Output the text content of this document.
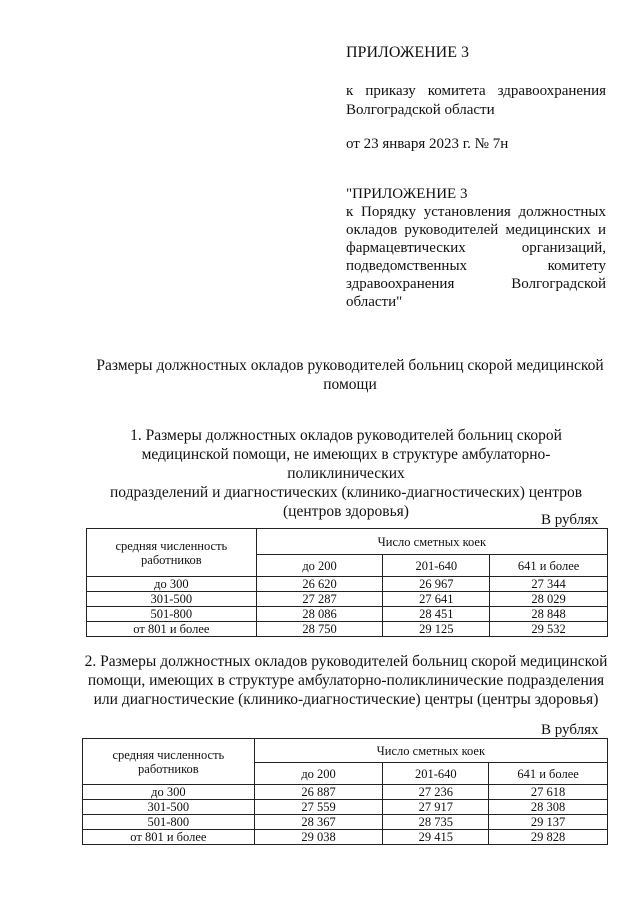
ПРИЛОЖЕНИЕ 3
к приказу комитета здравоохранения
Волгоградской области
от 23 января 2023 г. № 7н
"ПРИЛОЖЕНИЕ 3
к Порядку установления должностных
окладов руководителей медицинских и
фармацевтических организаций,
подведомственных комитету
здравоохранения Волгоградской
области"
Размеры должностных окладов руководителей больниц скорой медицинской
помощи
1. Размеры должностных окладов руководителей больниц скорой
медицинской помощи, не имеющих в структуре амбулаторно-поликлинических
подразделений и диагностических (клинико-диагностических) центров
(центров здоровья)	В рублях
средняя численность работников	Число сметных коек		
	до 200	201-640	641 и более
до 300	26 620	26 967	27 344
301-500	27 287	27 641	28 029
501-800	28 086	28 451	28 848
от 801 и более	28 750	29 125	29 532
2. Размеры должностных окладов руководителей больниц скорой медицинской
помощи, имеющих в структуре амбулаторно-поликлинические подразделения
или диагностические (клинико-диагностические) центры (центры здоровья)
В рублях
средняя численность работников	Число сметных коек		
	до 200	201-640	641 и более
до 300	26 887	27 236	27 618
301-500	27 559	27 917	28 308
501-800	28 367	28 735	29 137
от 801 и более	29 038	29 415	29 828
